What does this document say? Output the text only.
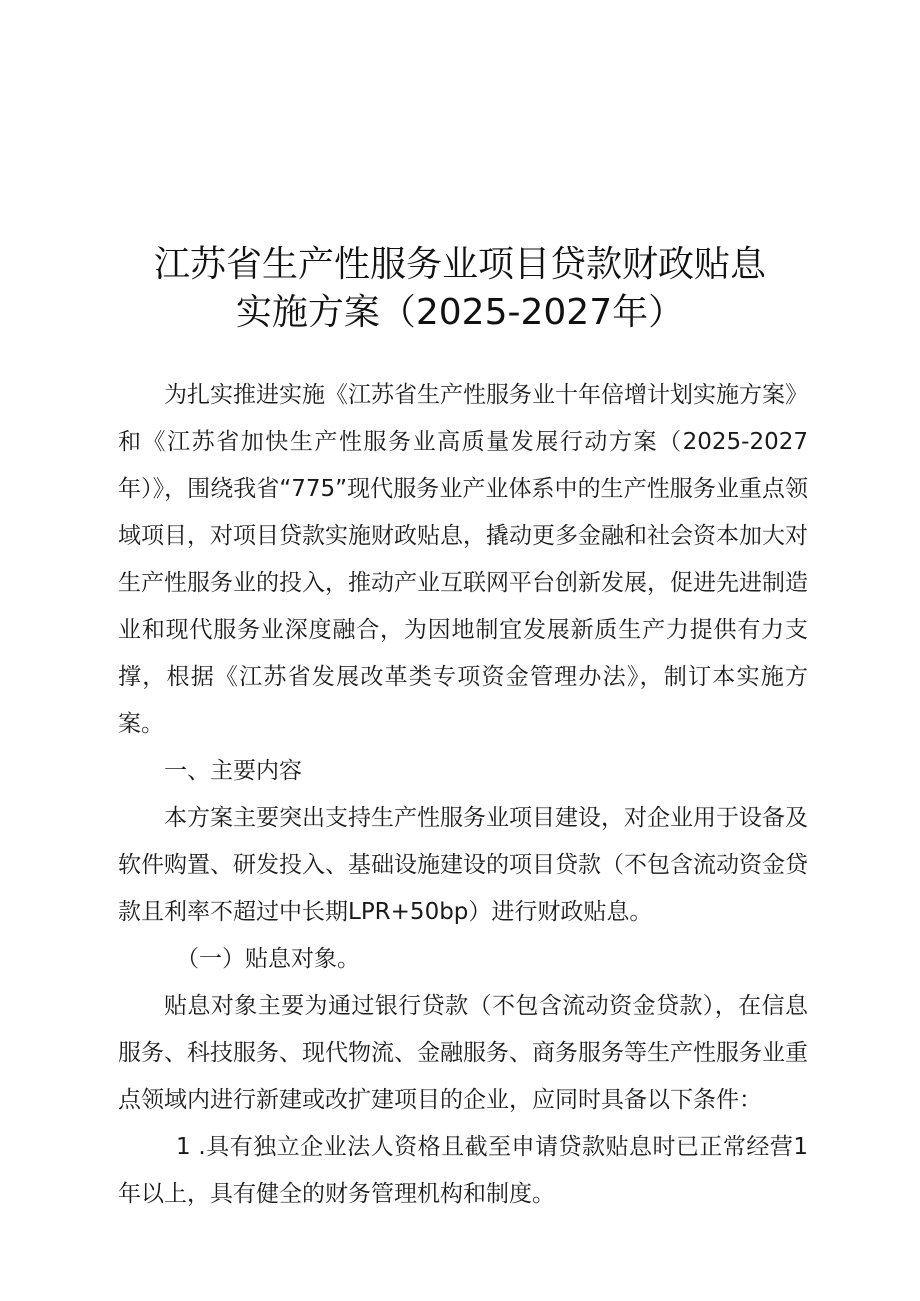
江苏省生产性服务业项目贷款财政贴息
实施方案（2025-2027年）

为扎实推进实施《江苏省生产性服务业十年倍增计划实施方案》和《江苏省加快生产性服务业高质量发展行动方案（2025-2027年）》，围绕我省“775”现代服务业产业体系中的生产性服务业重点领域项目，对项目贷款实施财政贴息，撬动更多金融和社会资本加大对生产性服务业的投入，推动产业互联网平台创新发展，促进先进制造业和现代服务业深度融合，为因地制宜发展新质生产力提供有力支撑，根据《江苏省发展改革类专项资金管理办法》，制订本实施方案。

一、主要内容

本方案主要突出支持生产性服务业项目建设，对企业用于设备及软件购置、研发投入、基础设施建设的项目贷款（不包含流动资金贷款且利率不超过中长期LPR+50bp）进行财政贴息。

（一）贴息对象。

贴息对象主要为通过银行贷款（不包含流动资金贷款），在信息服务、科技服务、现代物流、金融服务、商务服务等生产性服务业重点领域内进行新建或改扩建项目的企业，应同时具备以下条件：

1 .具有独立企业法人资格且截至申请贷款贴息时已正常经营1年以上，具有健全的财务管理机构和制度。
